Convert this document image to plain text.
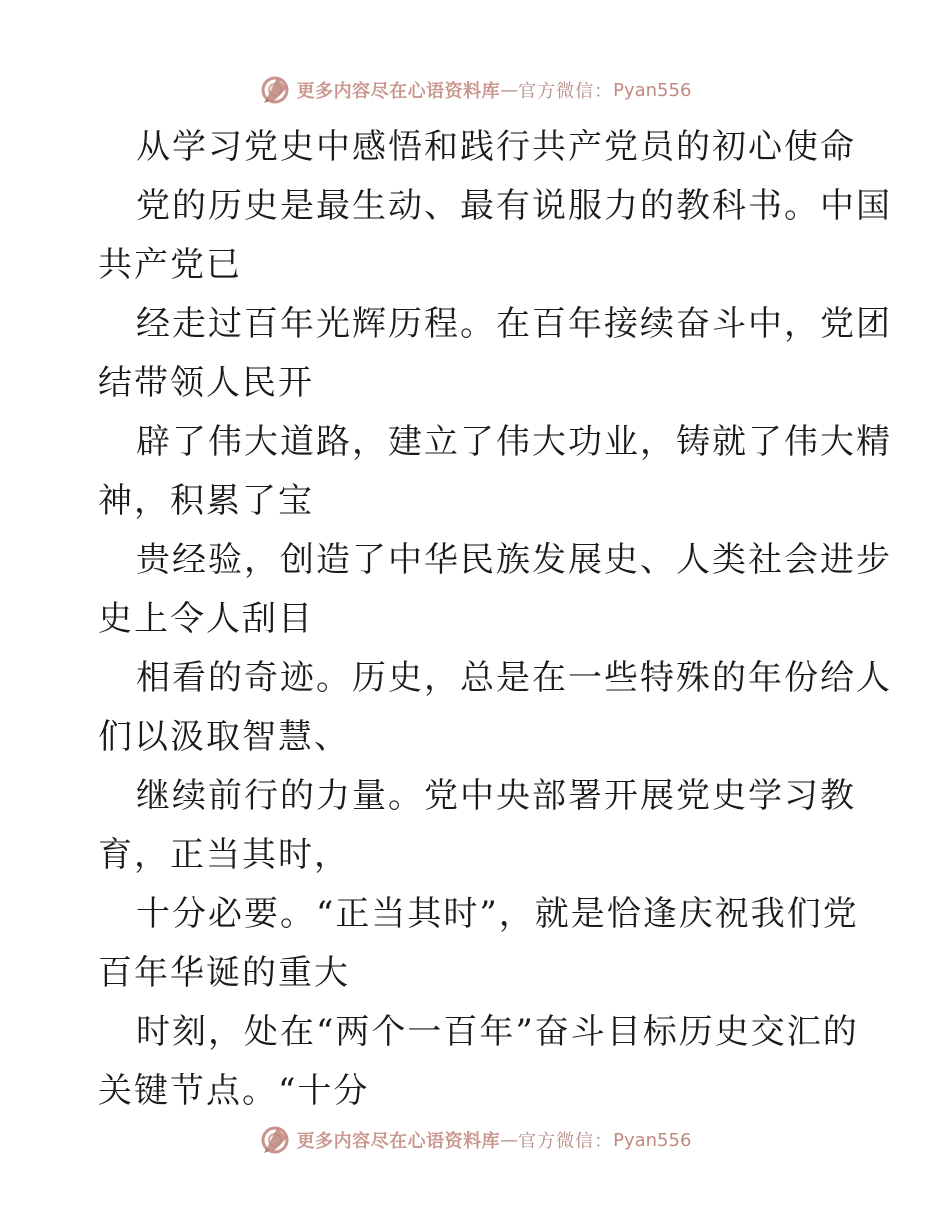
更多内容尽在心语资料库 — 官方微信： Pyan556
从学习党史中感悟和践行共产党员的初心使命
党的历史是最生动、最有说服力的教科书。中国
共产党已
经走过百年光辉历程。在百年接续奋斗中，党团
结带领人民开
辟了伟大道路，建立了伟大功业，铸就了伟大精
神，积累了宝
贵经验，创造了中华民族发展史、人类社会进步
史上令人刮目
相看的奇迹。历史，总是在一些特殊的年份给人
们以汲取智慧、
继续前行的力量。党中央部署开展党史学习教
育，正当其时，
十分必要。“正当其时”，就是恰逢庆祝我们党
百年华诞的重大
时刻，处在“两个一百年”奋斗目标历史交汇的
关键节点。“十分
更多内容尽在心语资料库 — 官方微信： Pyan556
